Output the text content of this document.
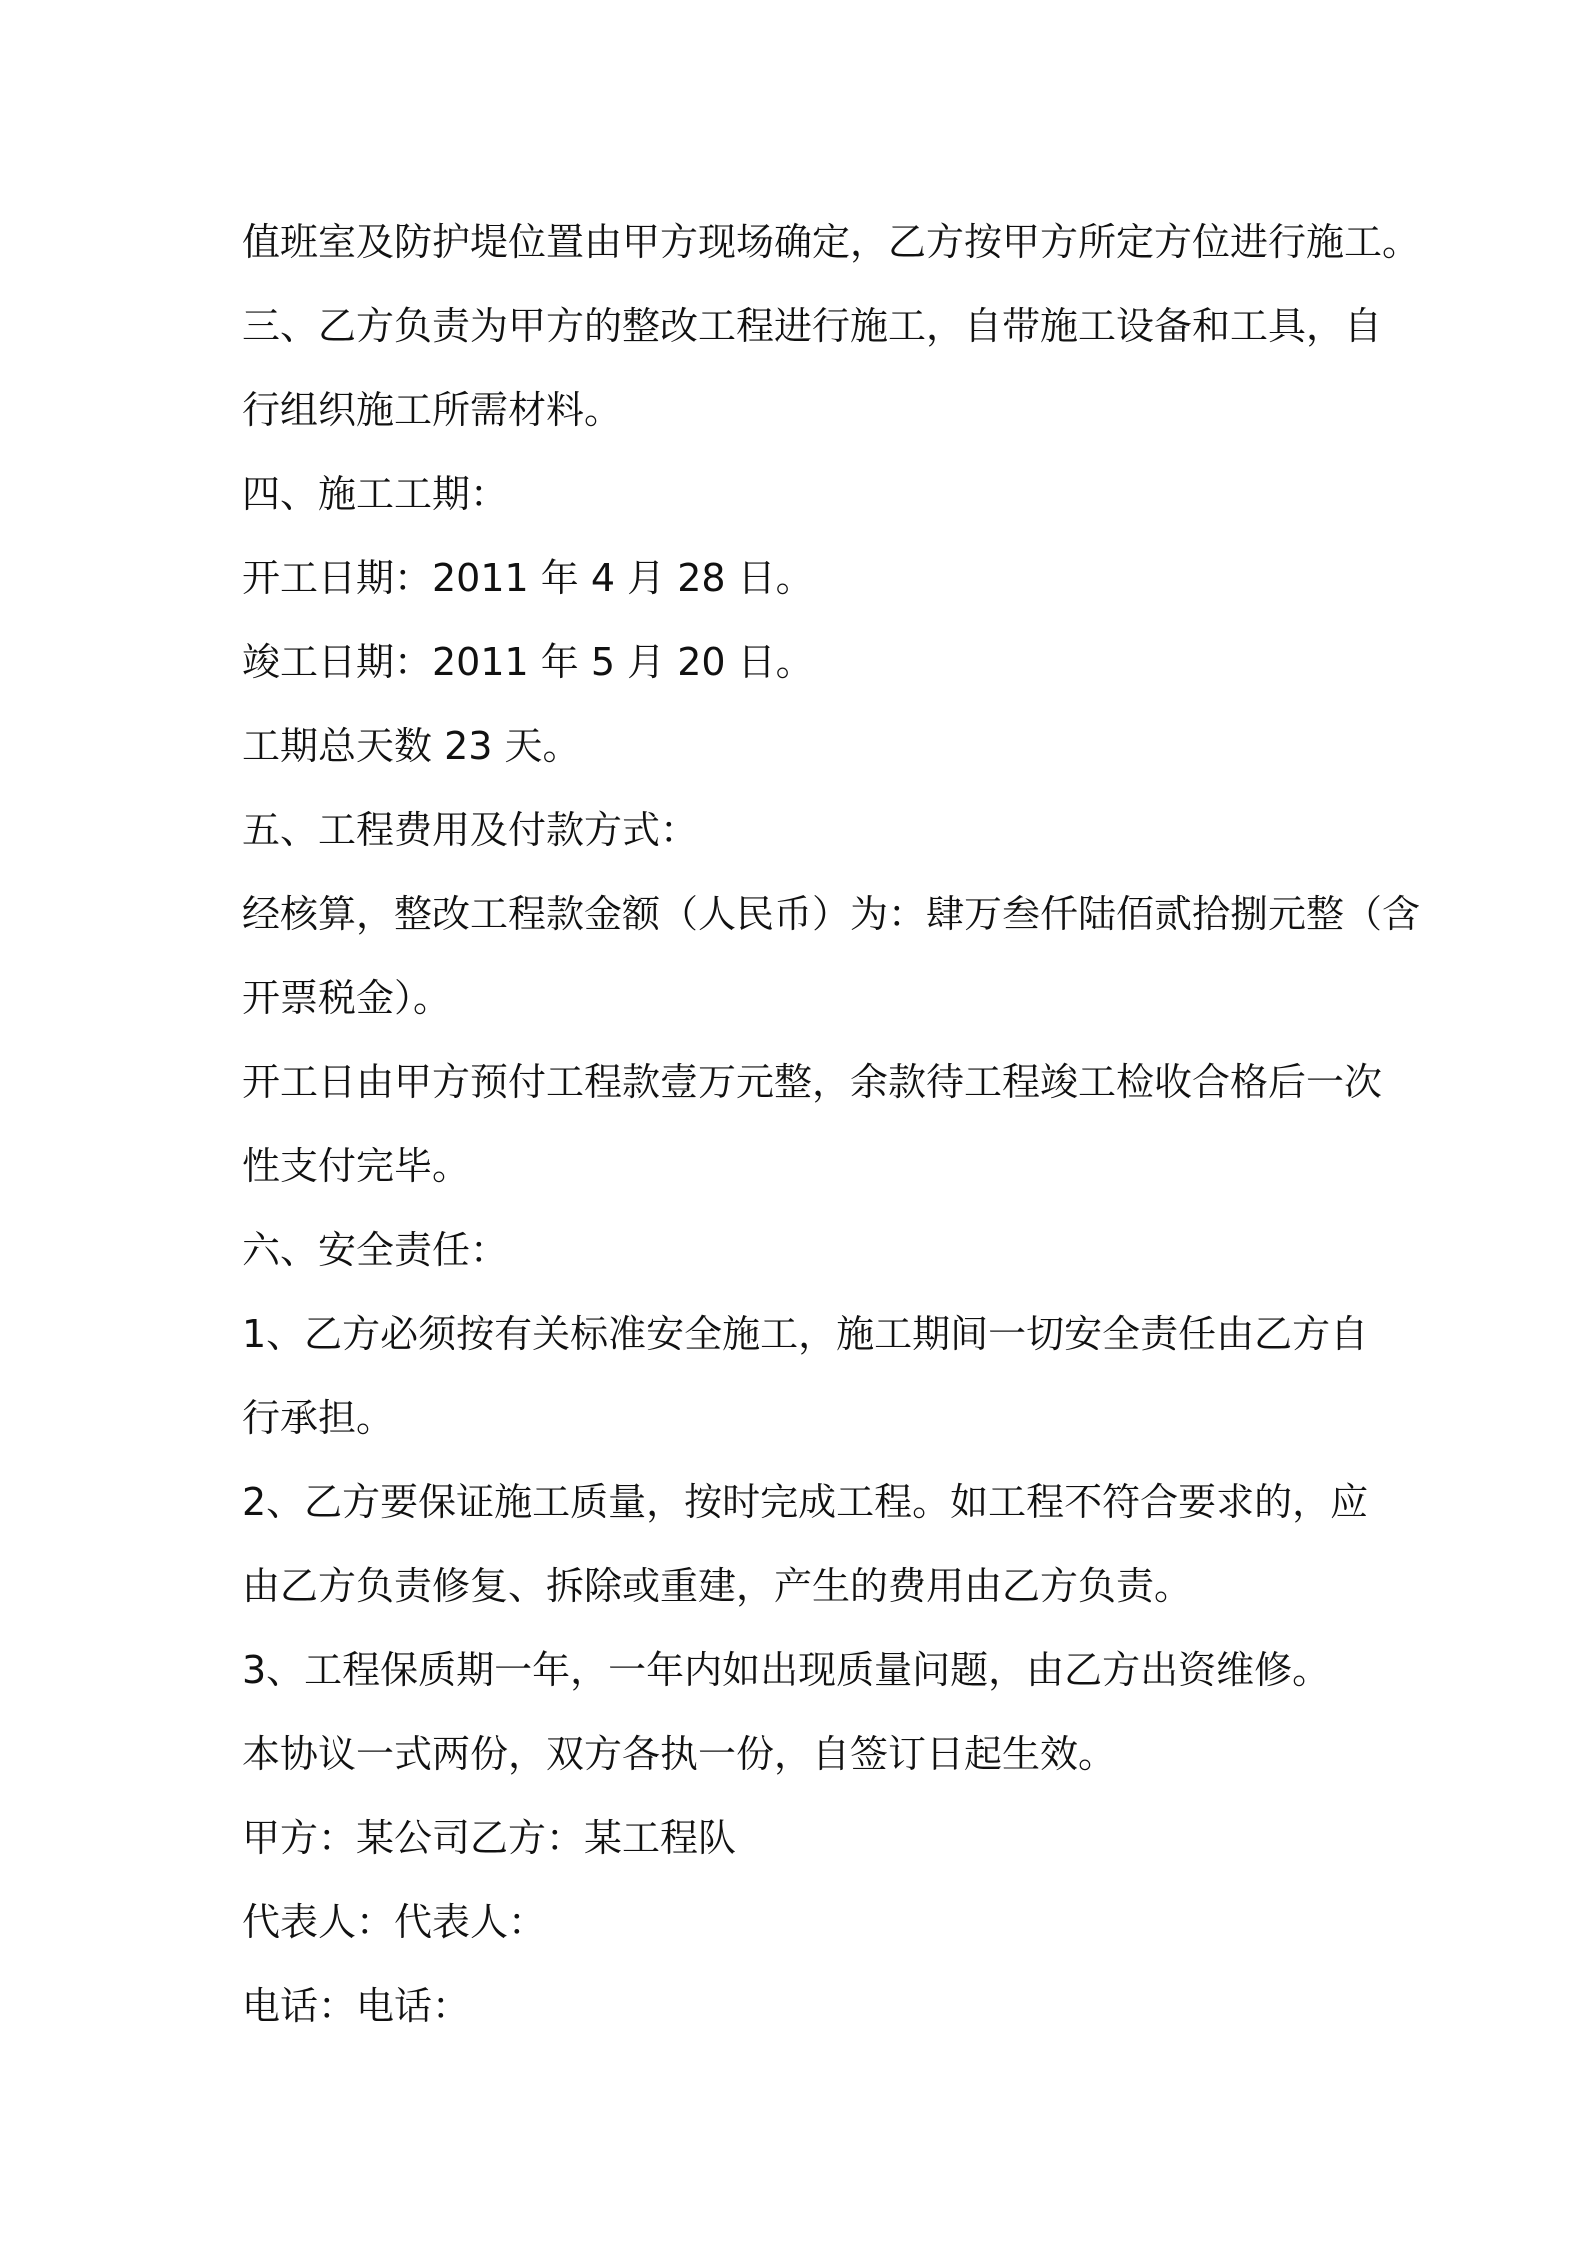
值班室及防护堤位置由甲方现场确定，乙方按甲方所定方位进行施工。
三、乙方负责为甲方的整改工程进行施工，自带施工设备和工具，自
行组织施工所需材料。
四、施工工期：
开工日期：2011 年 4 月 28 日。
竣工日期：2011 年 5 月 20 日。
工期总天数 23 天。
五、工程费用及付款方式：
经核算，整改工程款金额（人民币）为：肆万叁仟陆佰贰拾捌元整（含
开票税金）。
开工日由甲方预付工程款壹万元整，余款待工程竣工检收合格后一次
性支付完毕。
六、安全责任：
1、乙方必须按有关标准安全施工，施工期间一切安全责任由乙方自
行承担。
2、乙方要保证施工质量，按时完成工程。如工程不符合要求的，应
由乙方负责修复、拆除或重建，产生的费用由乙方负责。
3、工程保质期一年，一年内如出现质量问题，由乙方出资维修。
本协议一式两份，双方各执一份，自签订日起生效。
甲方：某公司乙方：某工程队
代表人：代表人：
电话：电话：
